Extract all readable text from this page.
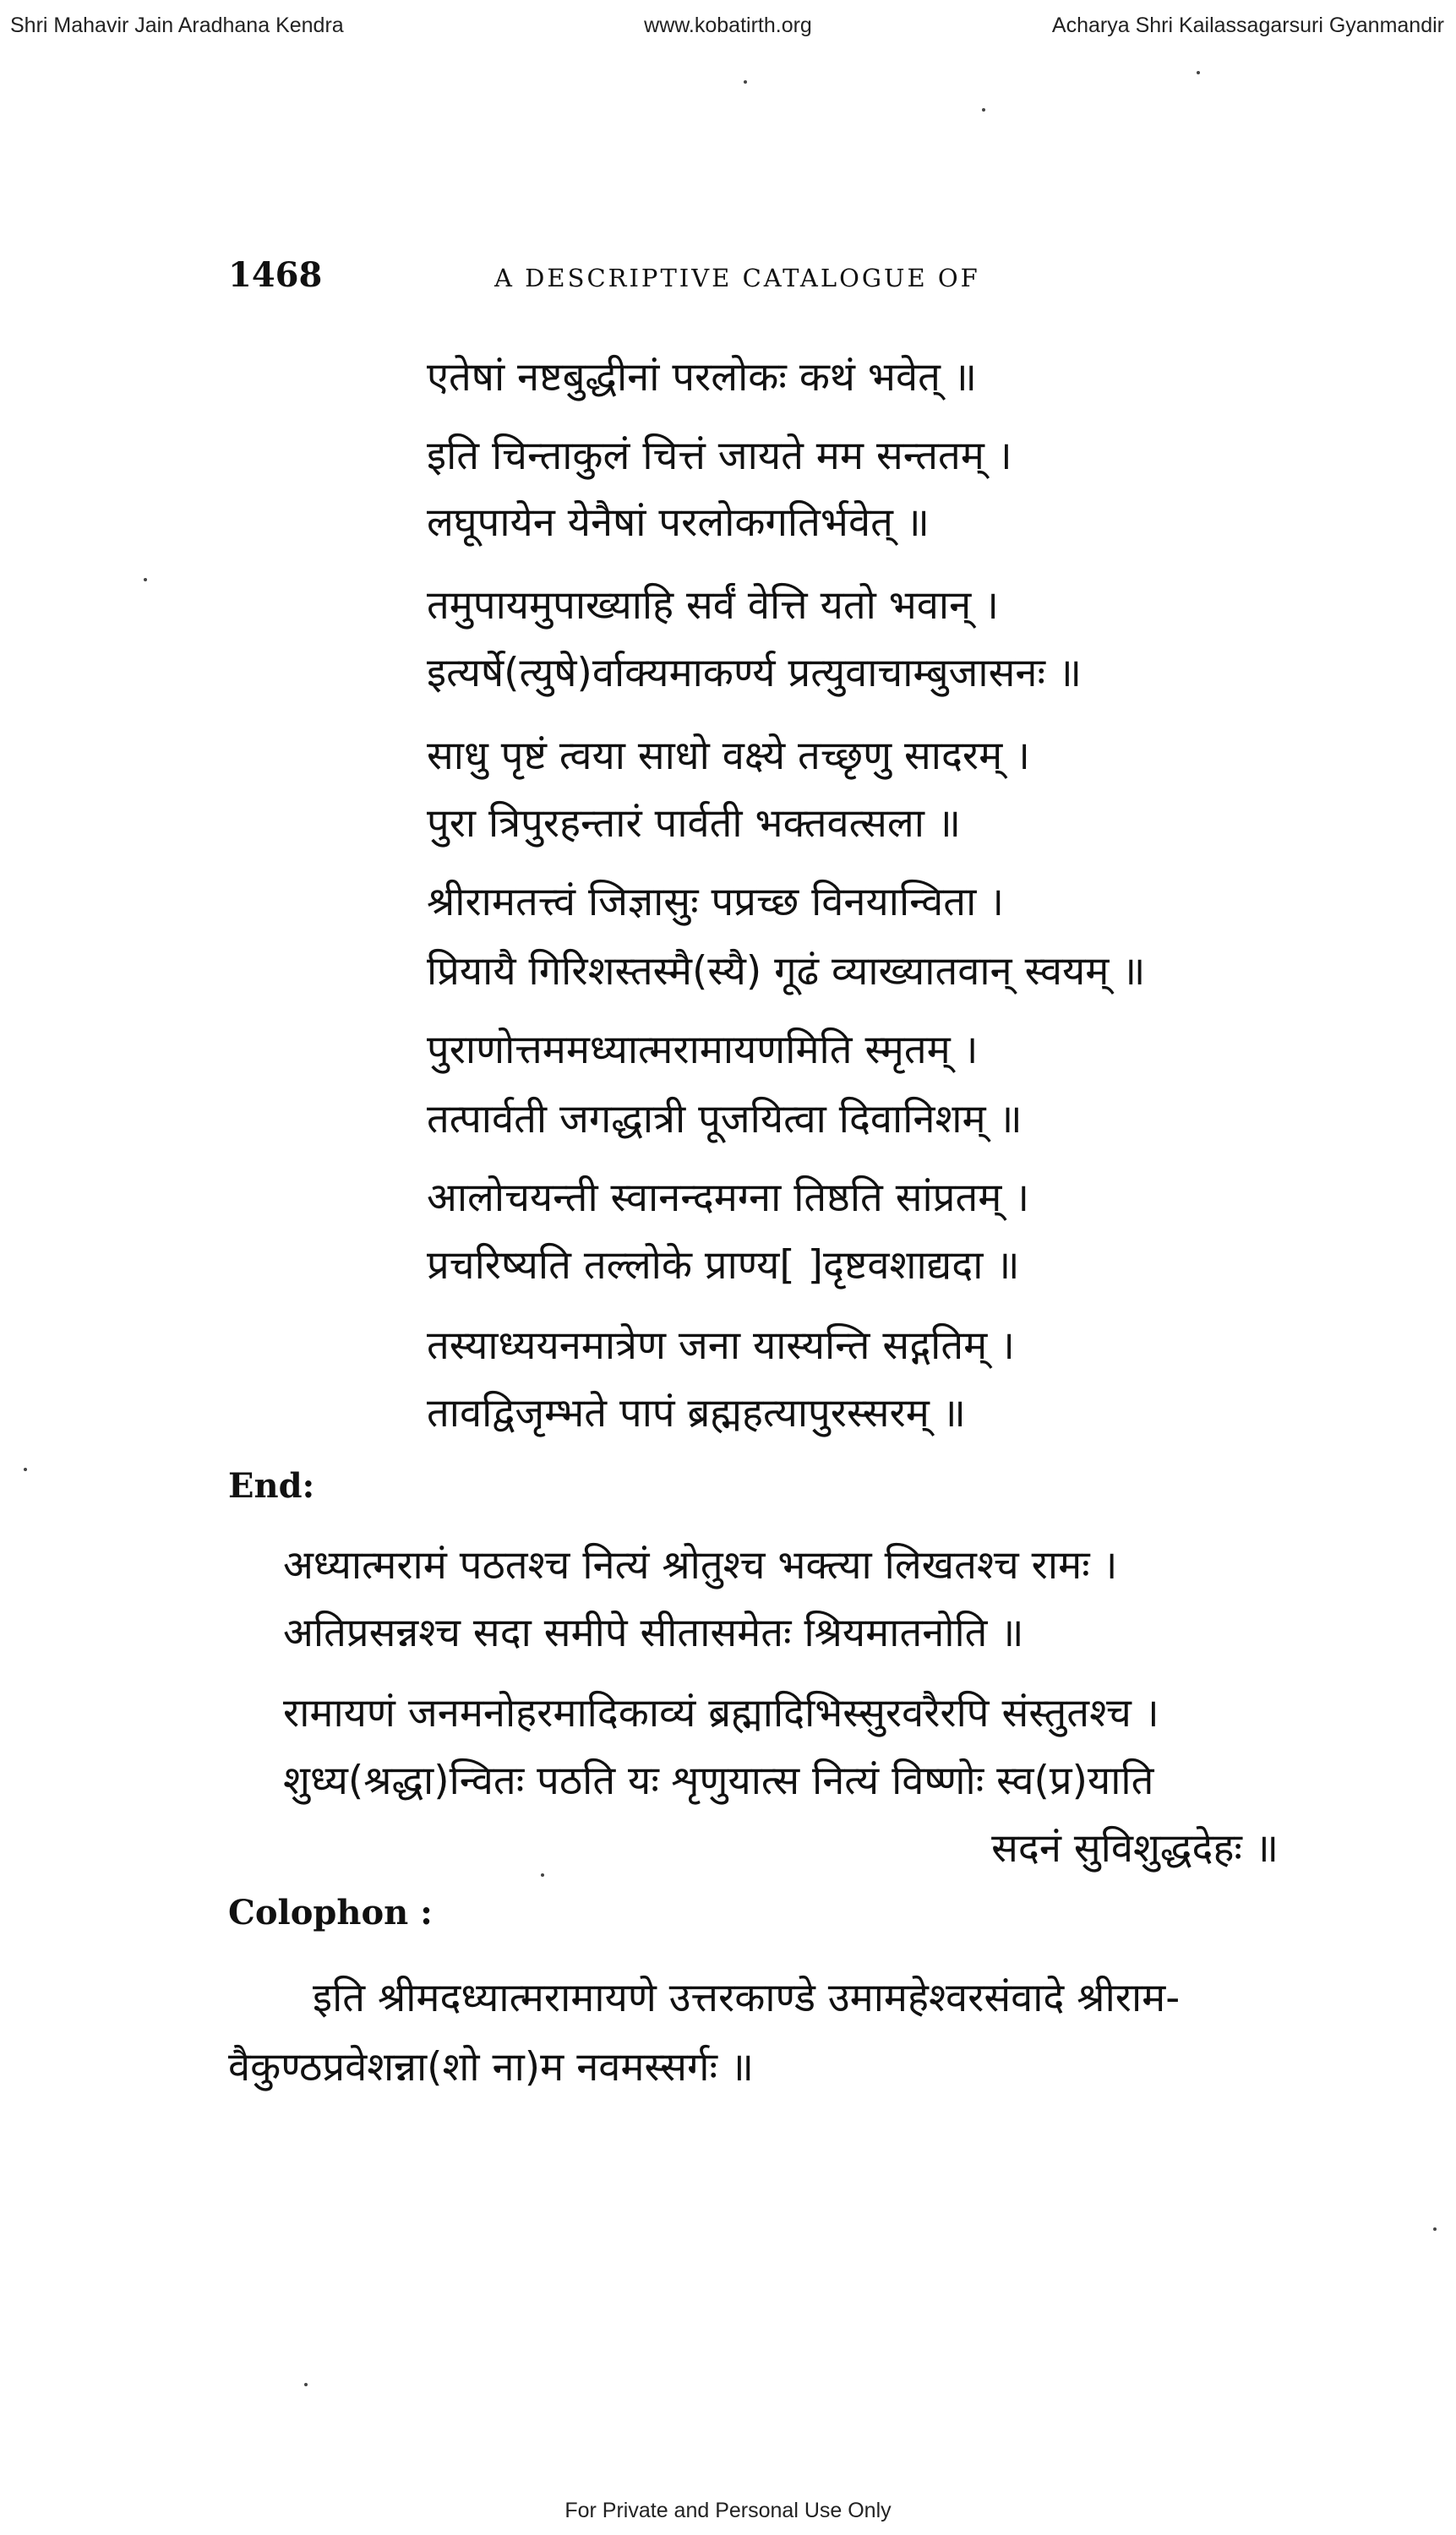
Shri Mahavir Jain Aradhana Kendra	www.kobatirth.org	Acharya Shri Kailassagarsuri Gyanmandir
1468	A DESCRIPTIVE CATALOGUE OF
एतेषां नष्टबुद्धीनां परलोकः कथं भवेत् ॥
इति चिन्ताकुलं चित्तं जायते मम सन्ततम् ।
लघूपायेन येनैषां परलोकगतिर्भवेत् ॥
तमुपायमुपाख्याहि सर्वं वेत्ति यतो भवान् ।
इत्यर्षे(त्युषे)र्वाक्यमाकर्ण्य प्रत्युवाचाम्बुजासनः ॥
साधु पृष्टं त्वया साधो वक्ष्ये तच्छृणु सादरम् ।
पुरा त्रिपुरहन्तारं पार्वती भक्तवत्सला ॥
श्रीरामतत्त्वं जिज्ञासुः पप्रच्छ विनयान्विता ।
प्रियायै गिरिशस्तस्मै(स्यै) गूढं व्याख्यातवान् स्वयम् ॥
पुराणोत्तममध्यात्मरामायणमिति स्मृतम् ।
तत्पार्वती जगद्धात्री पूजयित्वा दिवानिशम् ॥
आलोचयन्ती स्वानन्दमग्ना तिष्ठति सांप्रतम् ।
प्रचरिष्यति तल्लोके प्राण्य[ ]दृष्टवशाद्यदा ॥
तस्याध्ययनमात्रेण जना यास्यन्ति सद्गतिम् ।
तावद्विजृम्भते पापं ब्रह्महत्यापुरस्सरम् ॥
End:
अध्यात्मरामं पठतश्च नित्यं श्रोतुश्च भक्त्या लिखतश्च रामः ।
अतिप्रसन्नश्च सदा समीपे सीतासमेतः श्रियमातनोति ॥
रामायणं जनमनोहरमादिकाव्यं ब्रह्मादिभिस्सुरवरैरपि संस्तुतश्च ।
शुध्य(श्रद्धा)न्वितः पठति यः शृणुयात्स नित्यं विष्णोः स्व(प्र)याति
सदनं सुविशुद्धदेहः ॥
Colophon :
इति श्रीमदध्यात्मरामायणे उत्तरकाण्डे उमामहेश्वरसंवादे श्रीराम-
वैकुण्ठप्रवेशन्ना(शो ना)म नवमस्सर्गः ॥
For Private and Personal Use Only
